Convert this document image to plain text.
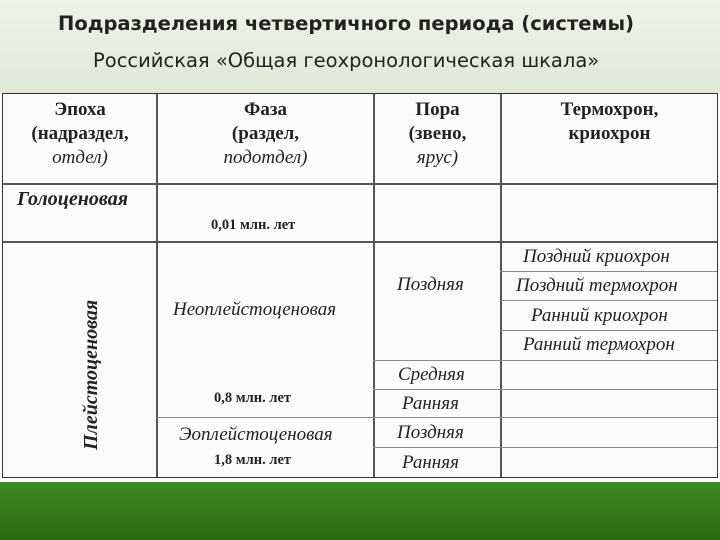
Подразделения четвертичного периода (системы)
Российская «Общая геохронологическая шкала»
Эпоха
(надраздел,
отдел)
Фаза
(раздел,
подотдел)
Пора
(звено,
ярус)
Термохрон,
криохрон
Голоценовая
0,01 млн. лет
Плейстоценовая	Неоплейстоценовая
0,8 млн. лет
Эоплейстоценовая
1,8 млн. лет
Поздняя
Средняя
Ранняя
Поздняя
Ранняя
Поздний криохрон
Поздний термохрон
Ранний криохрон
Ранний термохрон
